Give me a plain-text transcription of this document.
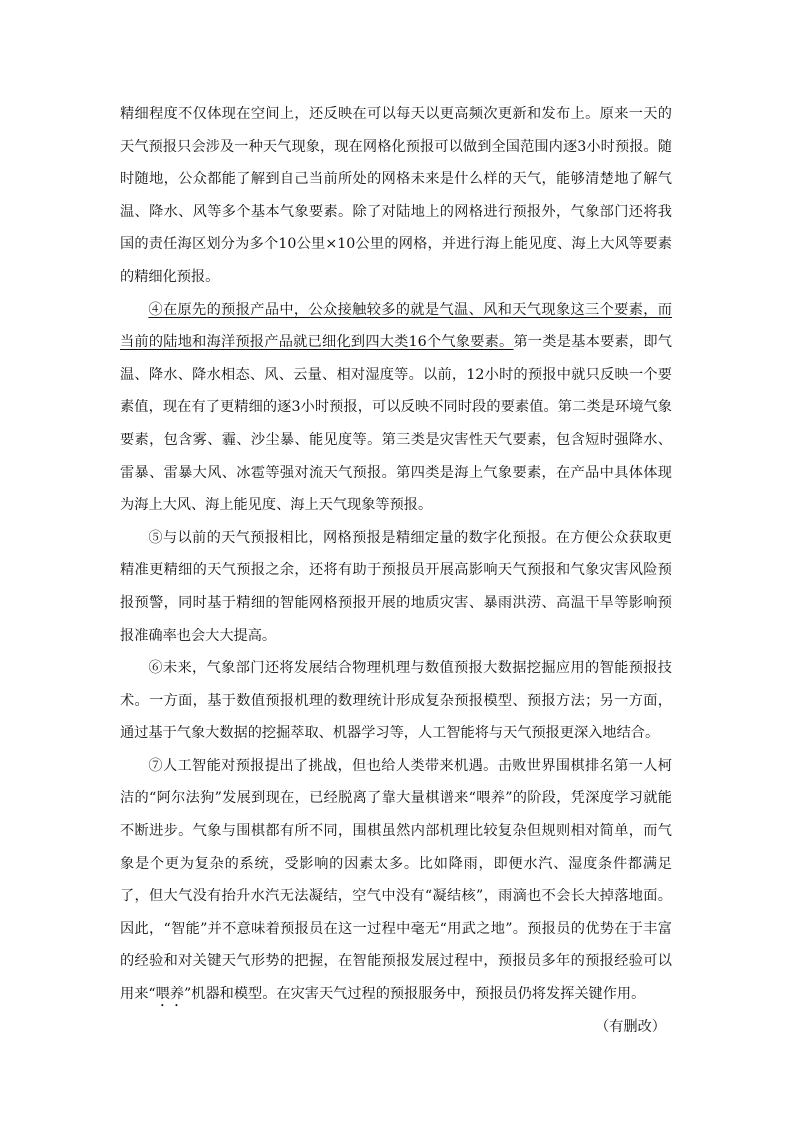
精细程度不仅体现在空间上，还反映在可以每天以更高频次更新和发布上。原来一天的天气预报只会涉及一种天气现象，现在网格化预报可以做到全国范围内逐3小时预报。随时随地，公众都能了解到自己当前所处的网格未来是什么样的天气，能够清楚地了解气温、降水、风等多个基本气象要素。除了对陆地上的网格进行预报外，气象部门还将我国的责任海区划分为多个10公里×10公里的网格，并进行海上能见度、海上大风等要素的精细化预报。

④在原先的预报产品中，公众接触较多的就是气温、风和天气现象这三个要素，而当前的陆地和海洋预报产品就已细化到四大类16个气象要素。第一类是基本要素，即气温、降水、降水相态、风、云量、相对湿度等。以前，12小时的预报中就只反映一个要素值，现在有了更精细的逐3小时预报，可以反映不同时段的要素值。第二类是环境气象要素，包含雾、霾、沙尘暴、能见度等。第三类是灾害性天气要素，包含短时强降水、雷暴、雷暴大风、冰雹等强对流天气预报。第四类是海上气象要素，在产品中具体体现为海上大风、海上能见度、海上天气现象等预报。

⑤与以前的天气预报相比，网格预报是精细定量的数字化预报。在方便公众获取更精准更精细的天气预报之余，还将有助于预报员开展高影响天气预报和气象灾害风险预报预警，同时基于精细的智能网格预报开展的地质灾害、暴雨洪涝、高温干旱等影响预报准确率也会大大提高。

⑥未来，气象部门还将发展结合物理机理与数值预报大数据挖掘应用的智能预报技术。一方面，基于数值预报机理的数理统计形成复杂预报模型、预报方法；另一方面，通过基于气象大数据的挖掘萃取、机器学习等，人工智能将与天气预报更深入地结合。

⑦人工智能对预报提出了挑战，但也给人类带来机遇。击败世界围棋排名第一人柯洁的“阿尔法狗”发展到现在，已经脱离了靠大量棋谱来“喂养”的阶段，凭深度学习就能不断进步。气象与围棋都有所不同，围棋虽然内部机理比较复杂但规则相对简单，而气象是个更为复杂的系统，受影响的因素太多。比如降雨，即便水汽、湿度条件都满足了，但大气没有抬升水汽无法凝结，空气中没有“凝结核”，雨滴也不会长大掉落地面。因此，“智能”并不意味着预报员在这一过程中毫无“用武之地”。预报员的优势在于丰富的经验和对关键天气形势的把握，在智能预报发展过程中，预报员多年的预报经验可以用来“喂养”机器和模型。在灾害天气过程的预报服务中，预报员仍将发挥关键作用。

（有删改）
